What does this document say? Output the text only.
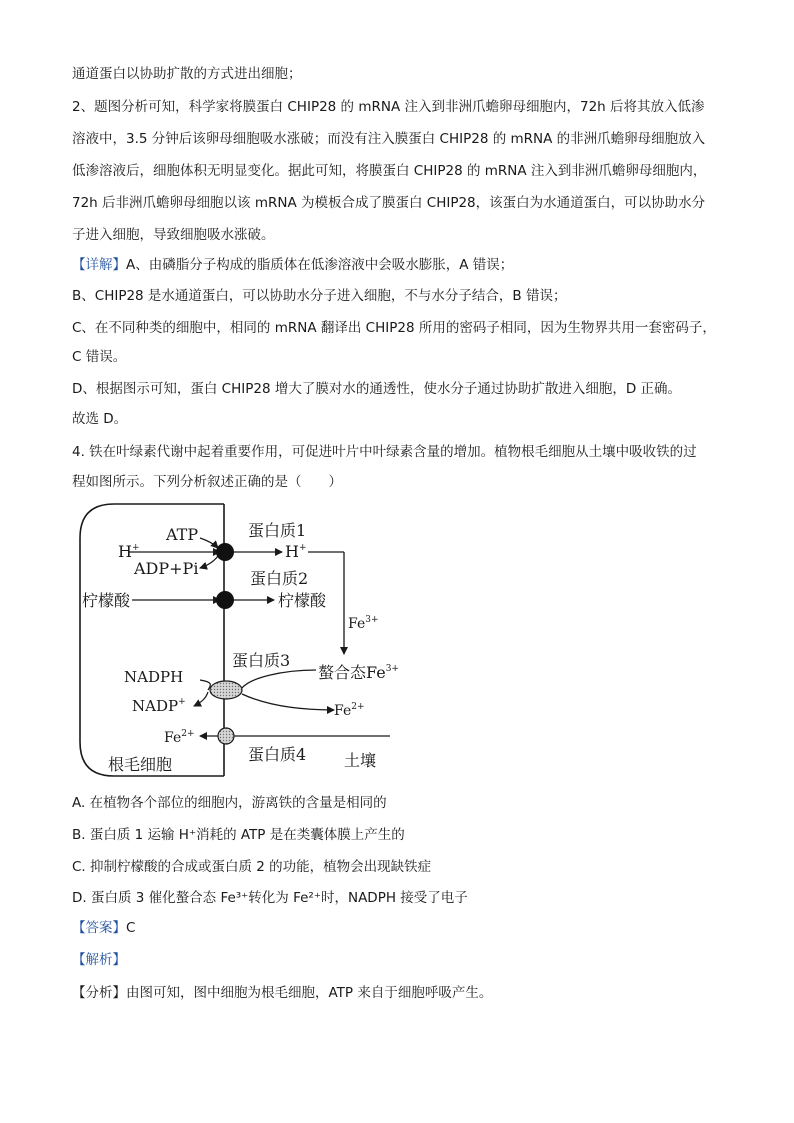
通道蛋白以协助扩散的方式进出细胞；
2、题图分析可知，科学家将膜蛋白 CHIP28 的 mRNA 注入到非洲爪蟾卵母细胞内，72h 后将其放入低渗
溶液中，3.5 分钟后该卵母细胞吸水涨破；而没有注入膜蛋白 CHIP28 的 mRNA 的非洲爪蟾卵母细胞放入
低渗溶液后，细胞体积无明显变化。据此可知，将膜蛋白 CHIP28 的 mRNA 注入到非洲爪蟾卵母细胞内，
72h 后非洲爪蟾卵母细胞以该 mRNA 为模板合成了膜蛋白 CHIP28，该蛋白为水通道蛋白，可以协助水分
子进入细胞，导致细胞吸水涨破。
【详解】A、由磷脂分子构成的脂质体在低渗溶液中会吸水膨胀，A 错误；
B、CHIP28 是水通道蛋白，可以协助水分子进入细胞，不与水分子结合，B 错误；
C、在不同种类的细胞中，相同的 mRNA 翻译出 CHIP28 所用的密码子相同，因为生物界共用一套密码子，
C 错误。
D、根据图示可知，蛋白 CHIP28 增大了膜对水的通透性，使水分子通过协助扩散进入细胞，D 正确。
故选 D。
4. 铁在叶绿素代谢中起着重要作用，可促进叶片中叶绿素含量的增加。植物根毛细胞从土壤中吸收铁的过
程如图所示。下列分析叙述正确的是（　　）
ATP
H+
ADP+Pi
蛋白质1
H+
柠檬酸
蛋白质2
柠檬酸
$Fe^{3+}$
蛋白质3
螯合态$Fe^{3+}$
$Fe^{2+}$
NADPH
NADP+
$Fe^{2+}$
蛋白质4
根毛细胞	土壤
A. 在植物各个部位的细胞内，游离铁的含量是相同的
B. 蛋白质 1 运输 H⁺消耗的 ATP 是在类囊体膜上产生的
C. 抑制柠檬酸的合成或蛋白质 2 的功能，植物会出现缺铁症
D. 蛋白质 3 催化螯合态 Fe³⁺转化为 Fe²⁺时，NADPH 接受了电子
【答案】C
【解析】
【分析】由图可知，图中细胞为根毛细胞，ATP 来自于细胞呼吸产生。
